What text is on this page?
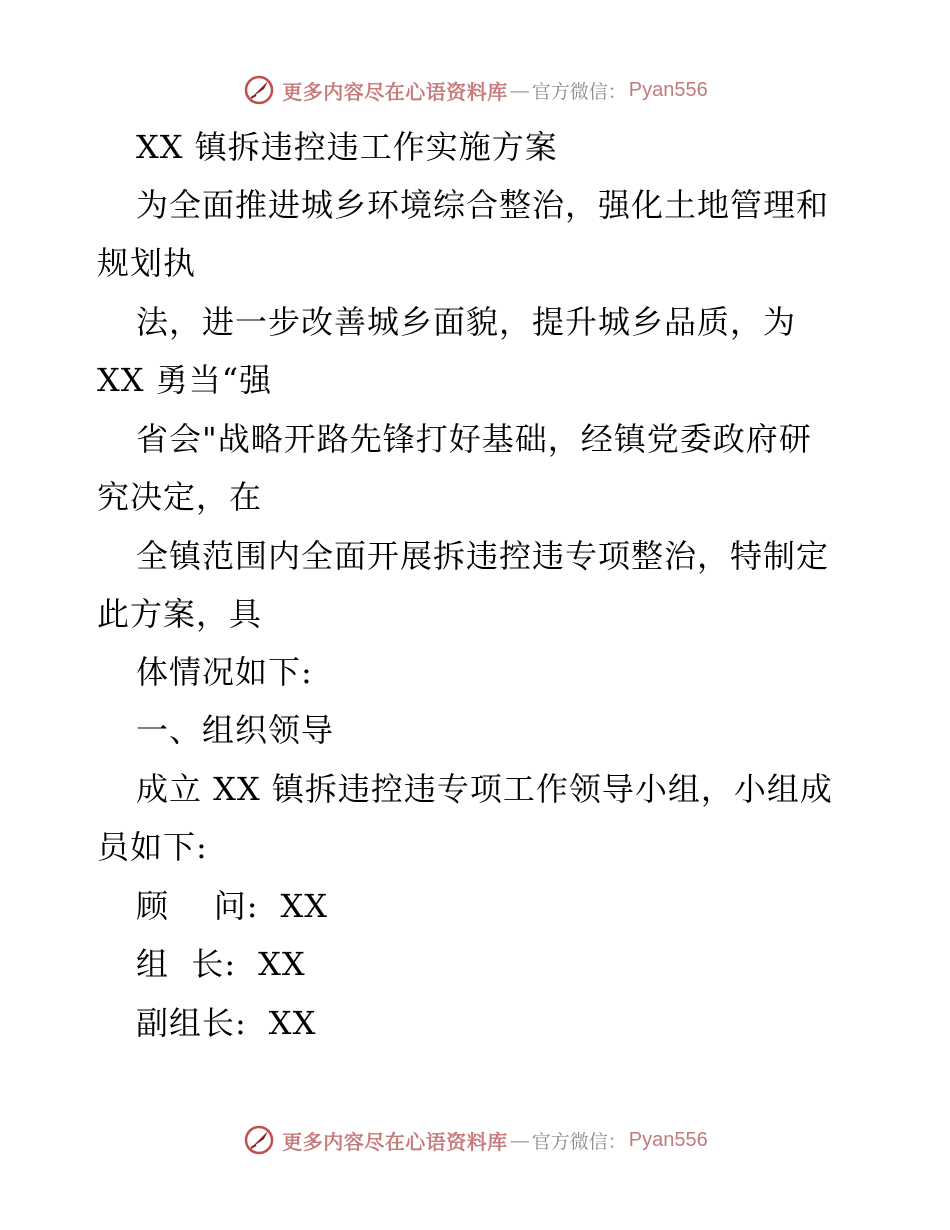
更多内容尽在心语资料库 — 官方微信： Pyan556
XX 镇拆违控违工作实施方案
为全面推进城乡环境综合整治，强化土地管理和
规划执
法，进一步改善城乡面貌，提升城乡品质，为
XX 勇当“强
省会"战略开路先锋打好基础，经镇党委政府研
究决定，在
全镇范围内全面开展拆违控违专项整治，特制定
此方案，具
体情况如下:
一、组织领导
成立 XX 镇拆违控违专项工作领导小组，小组成
员如下:
顾    问: XX
组  长: XX
副组长: XX
更多内容尽在心语资料库 — 官方微信： Pyan556
